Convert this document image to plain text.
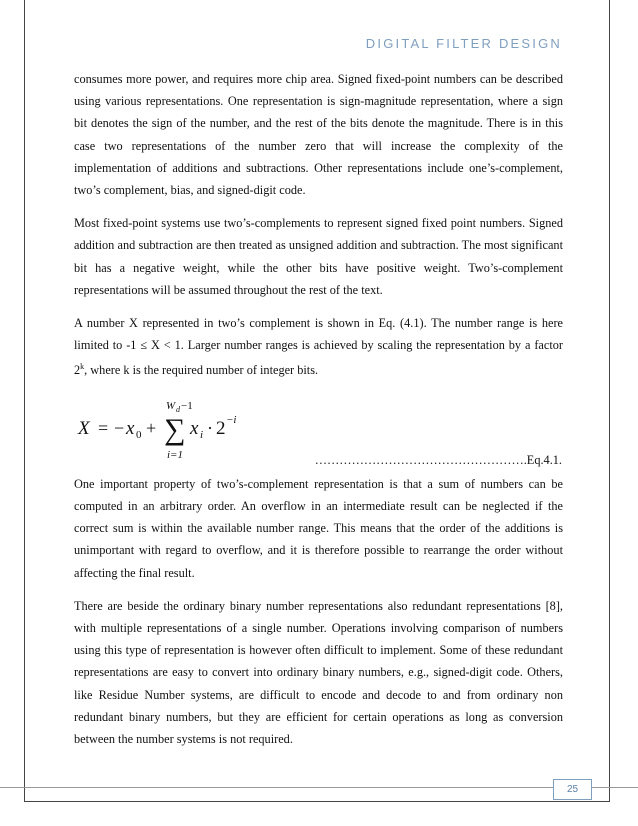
DIGITAL FILTER DESIGN

consumes more power, and requires more chip area. Signed fixed-point numbers can be described using various representations. One representation is sign-magnitude representation, where a sign bit denotes the sign of the number, and the rest of the bits denote the magnitude. There is in this case two representations of the number zero that will increase the complexity of the implementation of additions and subtractions. Other representations include one’s-complement, two’s complement, bias, and signed-digit code.

Most fixed-point systems use two’s-complements to represent signed fixed point numbers. Signed addition and subtraction are then treated as unsigned addition and subtraction. The most significant bit has a negative weight, while the other bits have positive weight. Two’s-complement representations will be assumed throughout the rest of the text.

A number X represented in two’s complement is shown in Eq. (4.1). The number range is here limited to -1 ≤ X < 1. Larger number ranges is achieved by scaling the representation by a factor 2$^k$, where k is the required number of integer bits.

X = − x 0 +
W d −1
∑
i=1
x i · 2 −i
…………………………………………….Eq.4.1.

One important property of two’s-complement representation is that a sum of numbers can be computed in an arbitrary order. An overflow in an intermediate result can be neglected if the correct sum is within the available number range. This means that the order of the additions is unimportant with regard to overflow, and it is therefore possible to rearrange the order without affecting the final result.

There are beside the ordinary binary number representations also redundant representations [8], with multiple representations of a single number. Operations involving comparison of numbers using this type of representation is however often difficult to implement. Some of these redundant representations are easy to convert into ordinary binary numbers, e.g., signed-digit code. Others, like Residue Number systems, are difficult to encode and decode to and from ordinary non redundant binary numbers, but they are efficient for certain operations as long as conversion between the number systems is not required.

25
